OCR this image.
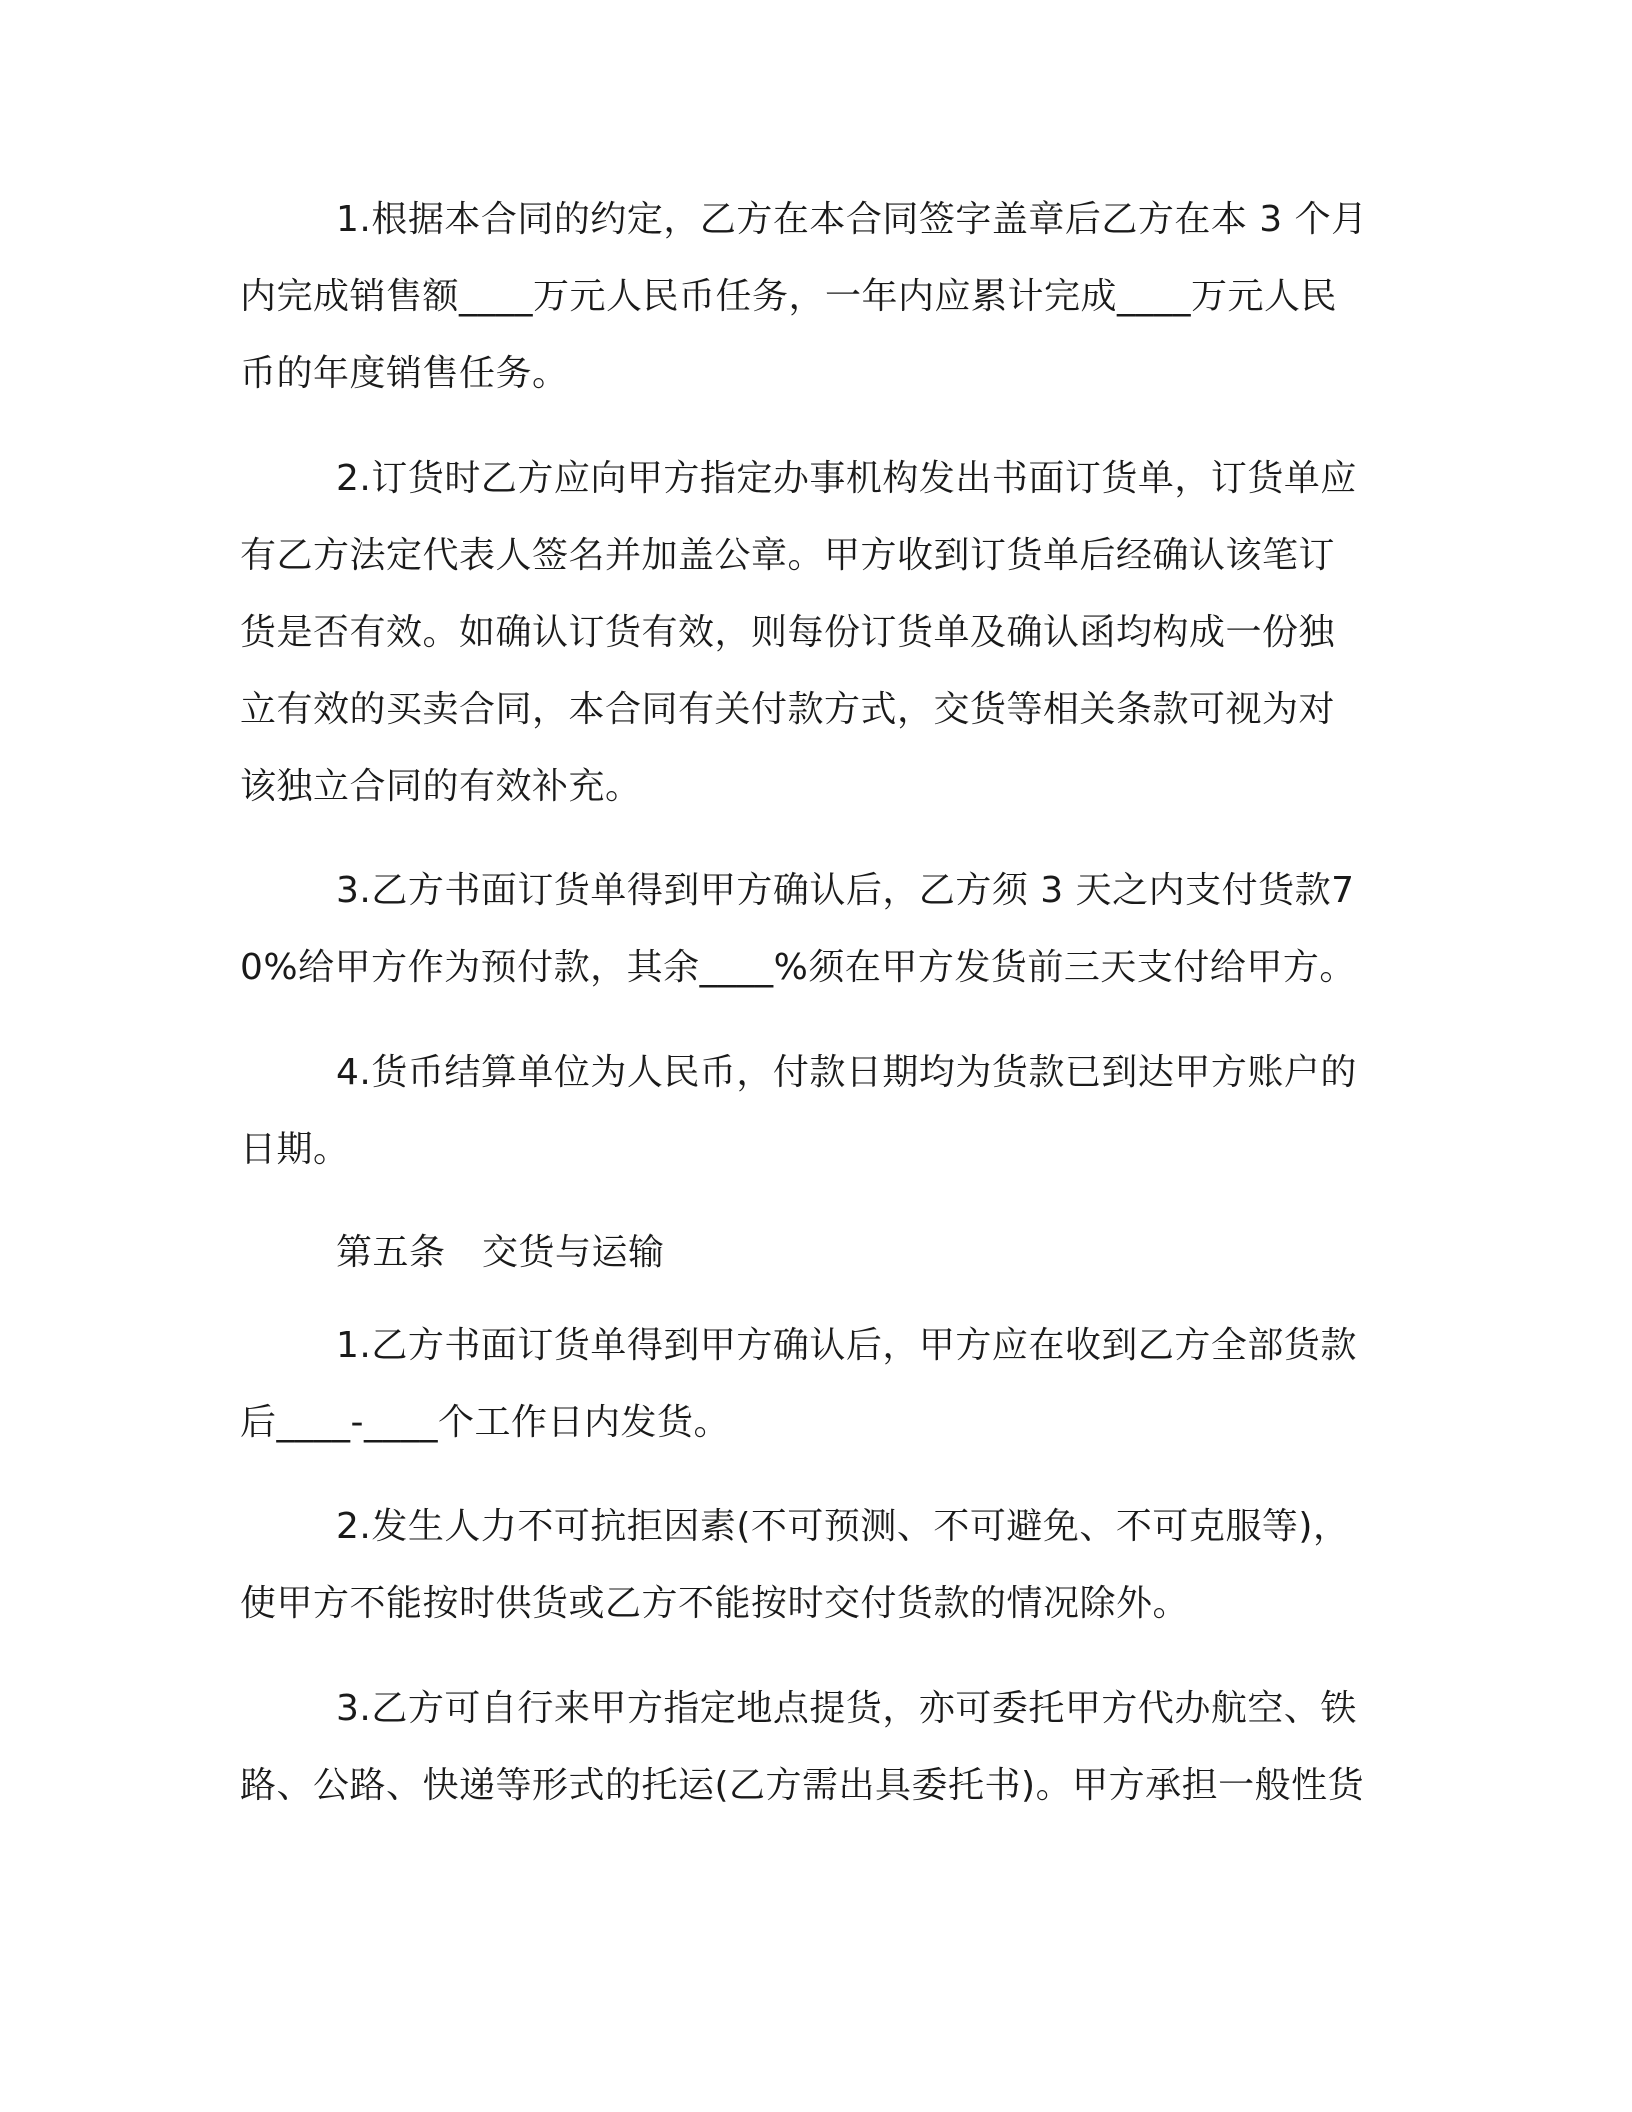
1.根据本合同的约定，乙方在本合同签字盖章后乙方在本 3 个月内完成销售额____万元人民币任务，一年内应累计完成____万元人民币的年度销售任务。

2.订货时乙方应向甲方指定办事机构发出书面订货单，订货单应有乙方法定代表人签名并加盖公章。甲方收到订货单后经确认该笔订货是否有效。如确认订货有效，则每份订货单及确认函均构成一份独立有效的买卖合同，本合同有关付款方式，交货等相关条款可视为对该独立合同的有效补充。

3.乙方书面订货单得到甲方确认后，乙方须 3 天之内支付货款70%给甲方作为预付款，其余____%须在甲方发货前三天支付给甲方。

4.货币结算单位为人民币，付款日期均为货款已到达甲方账户的日期。

第五条　交货与运输

1.乙方书面订货单得到甲方确认后，甲方应在收到乙方全部货款后____-____个工作日内发货。

2.发生人力不可抗拒因素(不可预测、不可避免、不可克服等)，使甲方不能按时供货或乙方不能按时交付货款的情况除外。

3.乙方可自行来甲方指定地点提货，亦可委托甲方代办航空、铁路、公路、快递等形式的托运(乙方需出具委托书)。甲方承担一般性货
